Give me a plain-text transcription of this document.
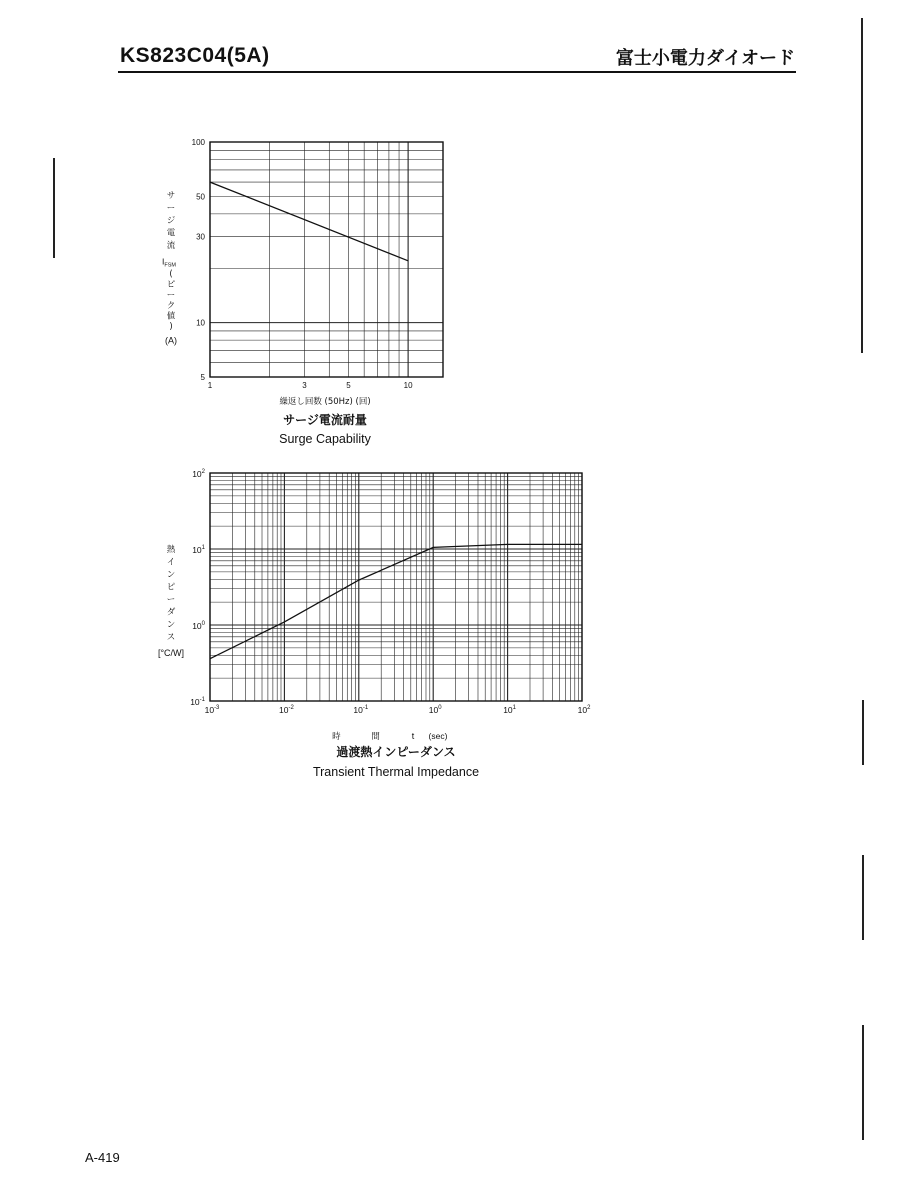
KS823C04(5A)	富士小電力ダイオード
5
10
30
50
100
1	3	5	10
サ
ー
ジ
電
流
$I_{FSM}$
(
ピ
ー
ク
値
)
(A)
繰返し回数 (50Hz) (回)
サージ電流耐量
Surge Capability
$10^{-1}$
$10^0$
$10^1$
$10^2$
$10^{-3}$	$10^{-2}$	$10^{-1}$	$10^0$	$10^1$	$10^2$
熱
イ
ン
ピ
ー
ダ
ン
ス
[°C/W]
時 間 t (sec)
過渡熱インピーダンス
Transient Thermal Impedance
A-419
